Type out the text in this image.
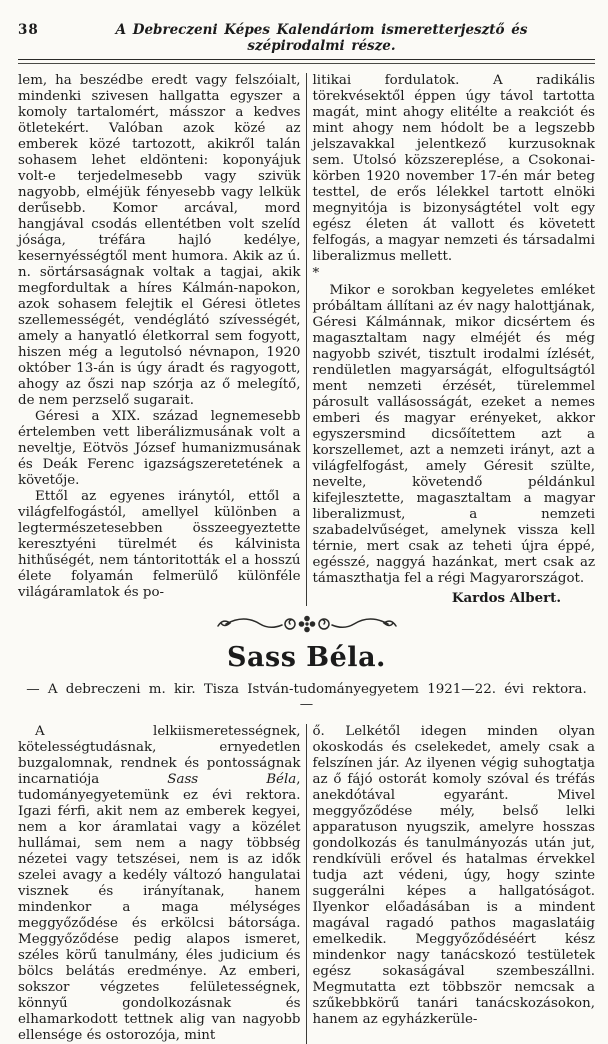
38	A Debreczeni Képes Kalendáriom ismeretterjesztő és szépirodalmi része.

lem, ha beszédbe eredt vagy felszóialt, mindenki szivesen hallgatta egyszer a komoly tartalomért, másszor a kedves ötletekért. Valóban azok közé az emberek közé tartozott, akikről talán sohasem lehet eldönteni: koponyájuk volt-e terjedelmesebb vagy szivük nagyobb, elméjük fényesebb vagy lelkük derűsebb. Komor arcával, mord hangjával csodás ellentétben volt szelíd jósága, tréfára hajló kedélye, kesernyésségtől ment humora. Akik az ú. n. sörtársaságnak voltak a tagjai, akik megfordultak a híres Kálmán-napokon, azok sohasem felejtik el Géresi ötletes szellemességét, vendéglátó szívességét, amely a hanyatló életkorral sem fogyott, hiszen még a legutolsó névnapon, 1920 október 13-án is úgy áradt és ragyogott, ahogy az őszi nap szórja az ő melegítő, de nem perzselő sugarait.

Géresi a XIX. század legnemesebb értelemben vett liberálizmusának volt a neveltje, Eötvös József humanizmusának és Deák Ferenc igazságszeretetének a követője.

Ettől az egyenes iránytól, ettől a világfelfogástól, amellyel különben a legtermészetesebben összeegyeztette keresztyéni türelmét és kálvinista hithűségét, nem tántoritották el a hosszú élete folyamán felmerülő különféle világáramlatok és po-

litikai fordulatok. A radikális törekvésektől éppen úgy távol tartotta magát, mint ahogy elitélte a reakciót és mint ahogy nem hódolt be a legszebb jelszavakkal jelentkező kurzusoknak sem. Utolsó közszereplése, a Csokonai-körben 1920 november 17-én már beteg testtel, de erős lélekkel tartott elnöki megnyitója is bizonyságtétel volt egy egész életen át vallott és követett felfogás, a magyar nemzeti és társadalmi liberalizmus mellett.

*

Mikor e sorokban kegyeletes emléket próbáltam állítani az év nagy halottjának, Géresi Kálmánnak, mikor dicsértem és magasztaltam nagy elméjét és még nagyobb szivét, tisztult irodalmi ízlését, rendületlen magyarságát, elfogultságtól ment nemzeti érzését, türelemmel párosult vallásosságát, ezeket a nemes emberi és magyar erényeket, akkor egyszersmind dicsőítettem azt a korszellemet, azt a nemzeti irányt, azt a világfelfogást, amely Géresit szülte, nevelte, követendő példánkul kifejlesztette, magasztaltam a magyar liberalizmust, a nemzeti szabadelvűséget, amelynek vissza kell térnie, mert csak az teheti újra éppé, egésszé, naggyá hazánkat, mert csak az támaszthatja fel a régi Magyarországot.

Kardos Albert.

Sass Béla.
— A debreczeni m. kir. Tisza István-tudományegyetem 1921—22. évi rektora. —

A lelkiismeretességnek, kötelességtudásnak, ernyedetlen buzgalomnak, rendnek és pontosságnak incarnatiója Sass Béla, tudományegyetemünk ez évi rektora. Igazi férfi, akit nem az emberek kegyei, nem a kor áramlatai vagy a közélet hullámai, sem nem a nagy többség nézetei vagy tetszései, nem is az idők szelei avagy a kedély változó hangulatai visznek és irányítanak, hanem mindenkor a maga mélységes meggyőződése és erkölcsi bátorsága. Meggyőződése pedig alapos ismeret, széles körű tanulmány, éles judicium és bölcs belátás eredménye. Az emberi, sokszor végzetes felületességnek, könnyű gondolkozásnak és elhamarkodott tettnek alig van nagyobb ellensége és ostorozója, mint

ő. Lelkétől idegen minden olyan okoskodás és cselekedet, amely csak a felszínen jár. Az ilyenen végig suhogtatja az ő fájó ostorát komoly szóval és tréfás anekdótával egyaránt. Mivel meggyőződése mély, belső lelki apparatuson nyugszik, amelyre hosszas gondolkozás és tanulmányozás után jut, rendkívüli erővel és hatalmas érvekkel tudja azt védeni, úgy, hogy szinte suggerálni képes a hallgatóságot. Ilyenkor előadásában is a mindent magával ragadó pathos magaslatáig emelkedik. Meggyőződéséért kész mindenkor nagy tanácskozó testületek egész sokaságával szembeszállni. Megmutatta ezt többször nemcsak a szűkebbkörű tanári tanácskozásokon, hanem az egyházkerüle-
